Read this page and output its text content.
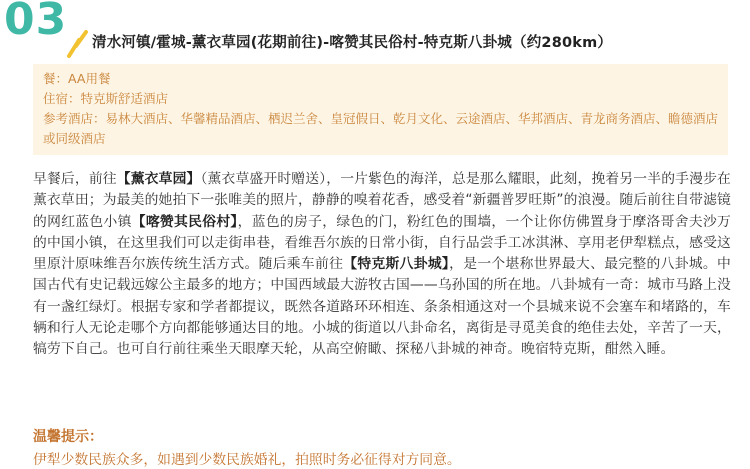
03 清水河镇/霍城-薰衣草园(花期前往)-喀赞其民俗村-特克斯八卦城（约280km）
餐：AA用餐
住宿：特克斯舒适酒店
参考酒店：易林大酒店、华馨精品酒店、栖迟兰舍、皇冠假日、乾月文化、云途酒店、华邦酒店、青龙商务酒店、瞻德酒店或同级酒店
早餐后，前往【薰衣草园】（薰衣草盛开时赠送），一片紫色的海洋，总是那么耀眼，此刻，挽着另一半的手漫步在薰衣草田；为最美的她拍下一张唯美的照片，静静的嗅着花香，感受着“新疆普罗旺斯”的浪漫。随后前往自带滤镜的网红蓝色小镇【喀赞其民俗村】，蓝色的房子，绿色的门，粉红色的围墙，一个让你仿佛置身于摩洛哥舍夫沙万的中国小镇，在这里我们可以走街串巷，看维吾尔族的日常小街，自行品尝手工冰淇淋、享用老伊犁糕点，感受这里原汁原味维吾尔族传统生活方式。随后乘车前往【特克斯八卦城】，是一个堪称世界最大、最完整的八卦城。中国古代有史记载远嫁公主最多的地方；中国西域最大游牧古国——乌孙国的所在地。八卦城有一奇：城市马路上没有一盏红绿灯。根据专家和学者都提议，既然各道路环环相连、条条相通这对一个县城来说不会塞车和堵路的，车辆和行人无论走哪个方向都能够通达目的地。小城的街道以八卦命名，离街是寻觅美食的绝佳去处，辛苦了一天，犒劳下自己。也可自行前往乘坐天眼摩天轮，从高空俯瞰、探秘八卦城的神奇。晚宿特克斯，酣然入睡。
温馨提示：
伊犁少数民族众多，如遇到少数民族婚礼，拍照时务必征得对方同意。
